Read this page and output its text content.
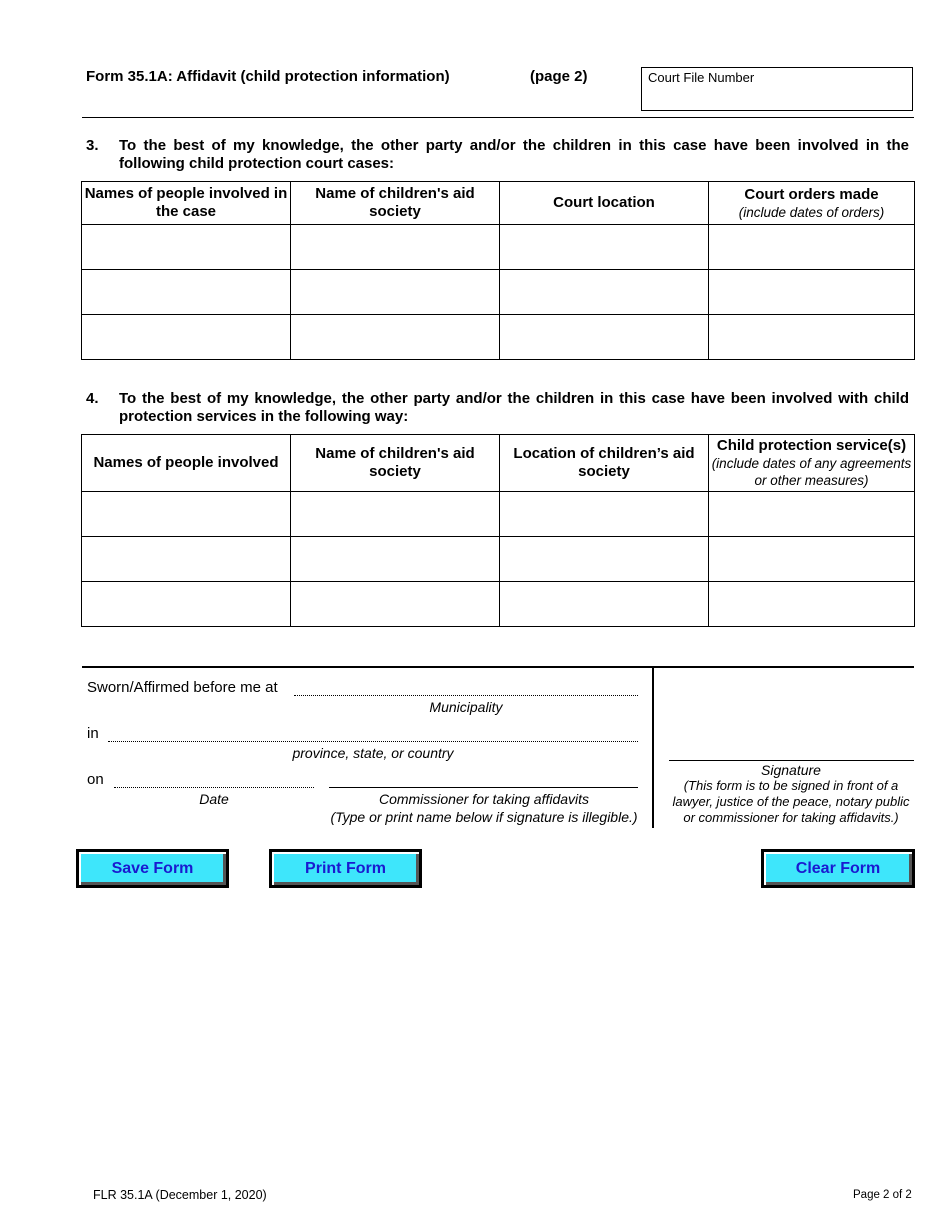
Form 35.1A: Affidavit (child protection information)	(page 2)	Court File Number
3. To the best of my knowledge, the other party and/or the children in this case have been involved in the following child protection court cases:
Names of people involved in the case	Name of children's aid society	Court location	Court orders made
(include dates of orders)

4. To the best of my knowledge, the other party and/or the children in this case have been involved with child protection services in the following way:
Names of people involved	Name of children's aid society	Location of children’s aid society	Child protection service(s)
(include dates of any agreements or other measures)

Sworn/Affirmed before me at
Municipality
in
province, state, or country
on
Date	Commissioner for taking affidavits
(Type or print name below if signature is illegible.)
Signature
(This form is to be signed in front of a lawyer, justice of the peace, notary public or commissioner for taking affidavits.)
Save Form	Print Form	Clear Form
FLR 35.1A (December 1, 2020)	Page 2 of 2
